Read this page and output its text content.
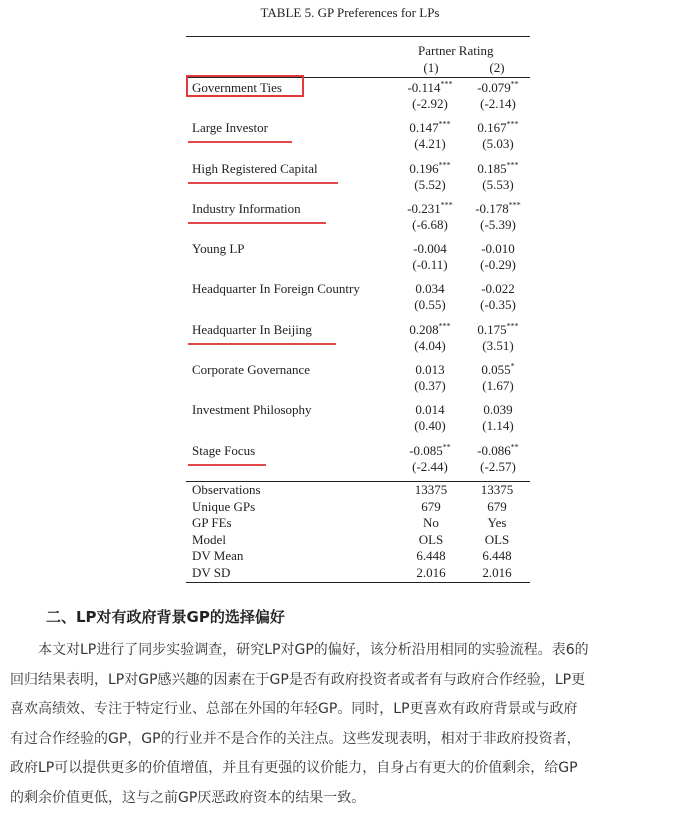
TABLE 5. GP Preferences for LPs
Partner Rating
(1)	(2)
Government Ties	-0.114***	-0.079**
(-2.92)	(-2.14)
Large Investor	0.147***	0.167***
(4.21)	(5.03)
High Registered Capital	0.196***	0.185***
(5.52)	(5.53)
Industry Information	-0.231***	-0.178***
(-6.68)	(-5.39)
Young LP	-0.004	-0.010
(-0.11)	(-0.29)
Headquarter In Foreign Country	0.034	-0.022
(0.55)	(-0.35)
Headquarter In Beijing	0.208***	0.175***
(4.04)	(3.51)
Corporate Governance	0.013	0.055*
(0.37)	(1.67)
Investment Philosophy	0.014	0.039
(0.40)	(1.14)
Stage Focus	-0.085**	-0.086**
(-2.44)	(-2.57)
Observations	13375	13375
Unique GPs	679	679
GP FEs	No	Yes
Model	OLS	OLS
DV Mean	6.448	6.448
DV SD	2.016	2.016
二、LP对有政府背景GP的选择偏好
本文对LP进行了同步实验调查，研究LP对GP的偏好，该分析沿用相同的实验流程。表6的
回归结果表明，LP对GP感兴趣的因素在于GP是否有政府投资者或者有与政府合作经验，LP更
喜欢高绩效、专注于特定行业、总部在外国的年轻GP。同时，LP更喜欢有政府背景或与政府
有过合作经验的GP，GP的行业并不是合作的关注点。这些发现表明，相对于非政府投资者，
政府LP可以提供更多的价值增值，并且有更强的议价能力，自身占有更大的价值剩余，给GP
的剩余价值更低，这与之前GP厌恶政府资本的结果一致。
